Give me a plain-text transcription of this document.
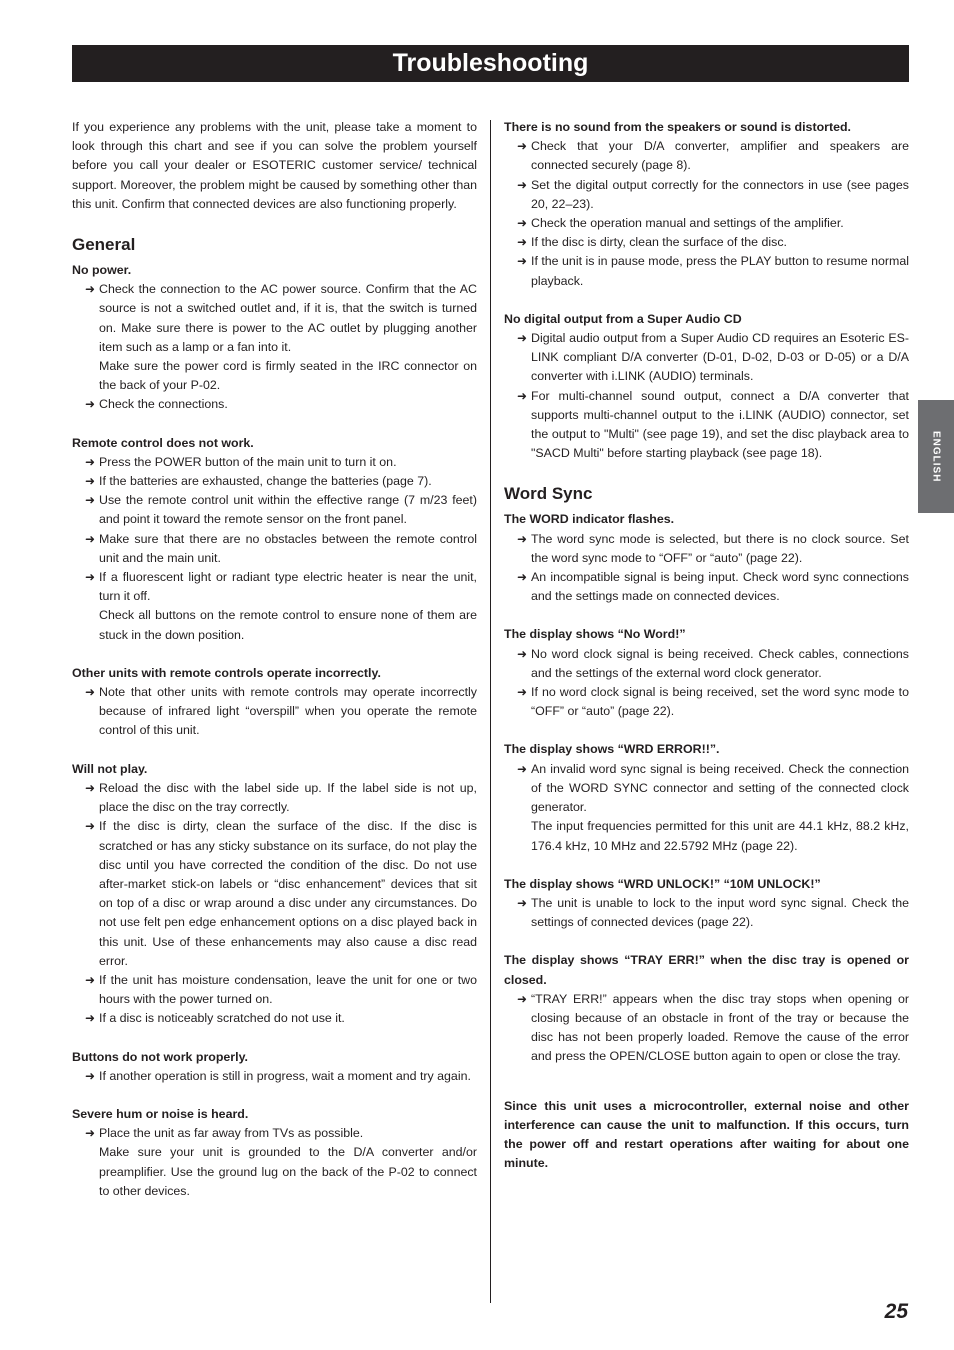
Troubleshooting

If you experience any problems with the unit, please take a moment to look through this chart and see if you can solve the problem yourself before you call your dealer or ESOTERIC customer service/ technical support. Moreover, the problem might be caused by something other than this unit. Confirm that connected devices are also functioning properly.

General
No power.
➜ Check the connection to the AC power source. Confirm that the AC source is not a switched outlet and, if it is, that the switch is turned on. Make sure there is power to the AC outlet by plugging another item such as a lamp or a fan into it.
Make sure the power cord is firmly seated in the IRC connector on the back of your P-02.
➜ Check the connections.
Remote control does not work.
➜ Press the POWER button of the main unit to turn it on.
➜ If the batteries are exhausted, change the batteries (page 7).
➜ Use the remote control unit within the effective range (7 m/23 feet) and point it toward the remote sensor on the front panel.
➜ Make sure that there are no obstacles between the remote control unit and the main unit.
➜ If a fluorescent light or radiant type electric heater is near the unit, turn it off.
Check all buttons on the remote control to ensure none of them are stuck in the down position.
Other units with remote controls operate incorrectly.
➜ Note that other units with remote controls may operate incorrectly because of infrared light “overspill” when you operate the remote control of this unit.
Will not play.
➜ Reload the disc with the label side up. If the label side is not up, place the disc on the tray correctly.
➜ If the disc is dirty, clean the surface of the disc. If the disc is scratched or has any sticky substance on its surface, do not play the disc until you have corrected the condition of the disc. Do not use after-market stick-on labels or “disc enhancement” devices that sit on top of a disc or wrap around a disc under any circumstances. Do not use felt pen edge enhancement options on a disc played back in this unit. Use of these enhancements may also cause a disc read error.
➜ If the unit has moisture condensation, leave the unit for one or two hours with the power turned on.
➜ If a disc is noticeably scratched do not use it.
Buttons do not work properly.
➜ If another operation is still in progress, wait a moment and try again.
Severe hum or noise is heard.
➜ Place the unit as far away from TVs as possible.
Make sure your unit is grounded to the D/A converter and/or preamplifier. Use the ground lug on the back of the P-02 to connect to other devices.
There is no sound from the speakers or sound is distorted.
➜ Check that your D/A converter, amplifier and speakers are connected securely (page 8).
➜ Set the digital output correctly for the connectors in use (see pages 20, 22–23).
➜ Check the operation manual and settings of the amplifier.
➜ If the disc is dirty, clean the surface of the disc.
➜ If the unit is in pause mode, press the PLAY button to resume normal playback.
No digital output from a Super Audio CD
➜ Digital audio output from a Super Audio CD requires an Esoteric ES-LINK compliant D/A converter (D-01, D-02, D-03 or D-05) or a D/A converter with i.LINK (AUDIO) terminals.
➜ For multi-channel sound output, connect a D/A converter that supports multi-channel output to the i.LINK (AUDIO) connector, set the output to "Multi" (see page 19), and set the disc playback area to "SACD Multi" before starting playback (see page 18).
Word Sync
The WORD indicator flashes.
➜ The word sync mode is selected, but there is no clock source. Set the word sync mode to “OFF” or “auto” (page 22).
➜ An incompatible signal is being input. Check word sync connections and the settings made on connected devices.
The display shows “No Word!”
➜ No word clock signal is being received. Check cables, connections and the settings of the external word clock generator.
➜ If no word clock signal is being received, set the word sync mode to “OFF” or “auto” (page 22).
The display shows “WRD ERROR!!”.
➜ An invalid word sync signal is being received. Check the connection of the WORD SYNC connector and setting of the connected clock generator.
The input frequencies permitted for this unit are 44.1 kHz, 88.2 kHz, 176.4 kHz, 10 MHz and 22.5792 MHz (page 22).
The display shows “WRD UNLOCK!” “10M UNLOCK!”
➜ The unit is unable to lock to the input word sync signal. Check the settings of connected devices (page 22).
The display shows “TRAY ERR!” when the disc tray is opened or closed.
➜ “TRAY ERR!” appears when the disc tray stops when opening or closing because of an obstacle in front of the tray or because the disc has not been properly loaded. Remove the cause of the error and press the OPEN/CLOSE button again to open or close the tray.
Since this unit uses a microcontroller, external noise and other interference can cause the unit to malfunction. If this occurs, turn the power off and restart operations after waiting for about one minute.
ENGLISH
25
